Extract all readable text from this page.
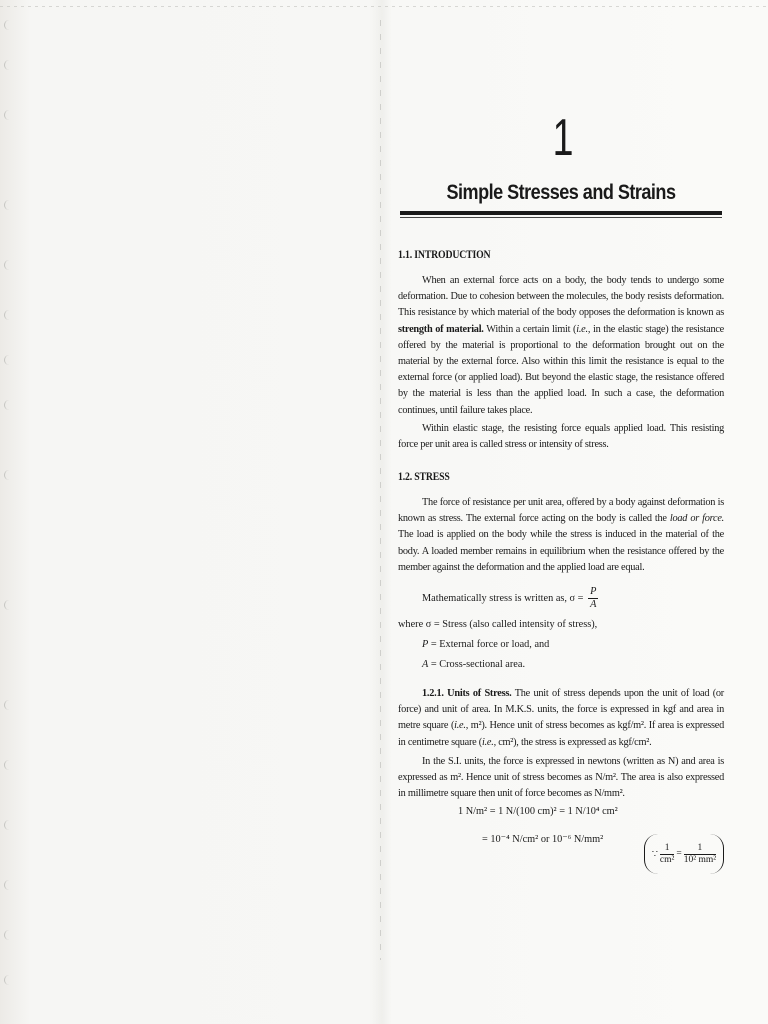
1
Simple Stresses and Strains
1.1. INTRODUCTION

When an external force acts on a body, the body tends to undergo some deformation. Due to cohesion between the molecules, the body resists deformation. This resistance by which material of the body opposes the deformation is known as strength of material. Within a certain limit (i.e., in the elastic stage) the resistance offered by the material is proportional to the deformation brought out on the material by the external force. Also within this limit the resistance is equal to the external force (or applied load). But beyond the elastic stage, the resistance offered by the material is less than the applied load. In such a case, the deformation continues, until failure takes place.

Within elastic stage, the resisting force equals applied load. This resisting force per unit area is called stress or intensity of stress.

1.2. STRESS

The force of resistance per unit area, offered by a body against deformation is known as stress. The external force acting on the body is called the load or force. The load is applied on the body while the stress is induced in the material of the body. A loaded member remains in equilibrium when the resistance offered by the member against the deformation and the applied load are equal.

Mathematically stress is written as, $\sigma = \frac{P}{A}$
where σ = Stress (also called intensity of stress),
P = External force or load, and
A = Cross-sectional area.

1.2.1. Units of Stress. The unit of stress depends upon the unit of load (or force) and unit of area. In M.K.S. units, the force is expressed in kgf and area in metre square (i.e., m²). Hence unit of stress becomes as kgf/m². If area is expressed in centimetre square (i.e., cm²), the stress is expressed as kgf/cm².

In the S.I. units, the force is expressed in newtons (written as N) and area is expressed as m². Hence unit of stress becomes as N/m². The area is also expressed in millimetre square then unit of force becomes as N/mm².

1 N/m² = 1 N/(100 cm)² = 1 N/10⁴ cm²
= 10⁻⁴ N/cm² or 10⁻⁶ N/mm²
∵ $\frac{1}{\text{cm²}} = \frac{1}{\text{10² mm²}}$
